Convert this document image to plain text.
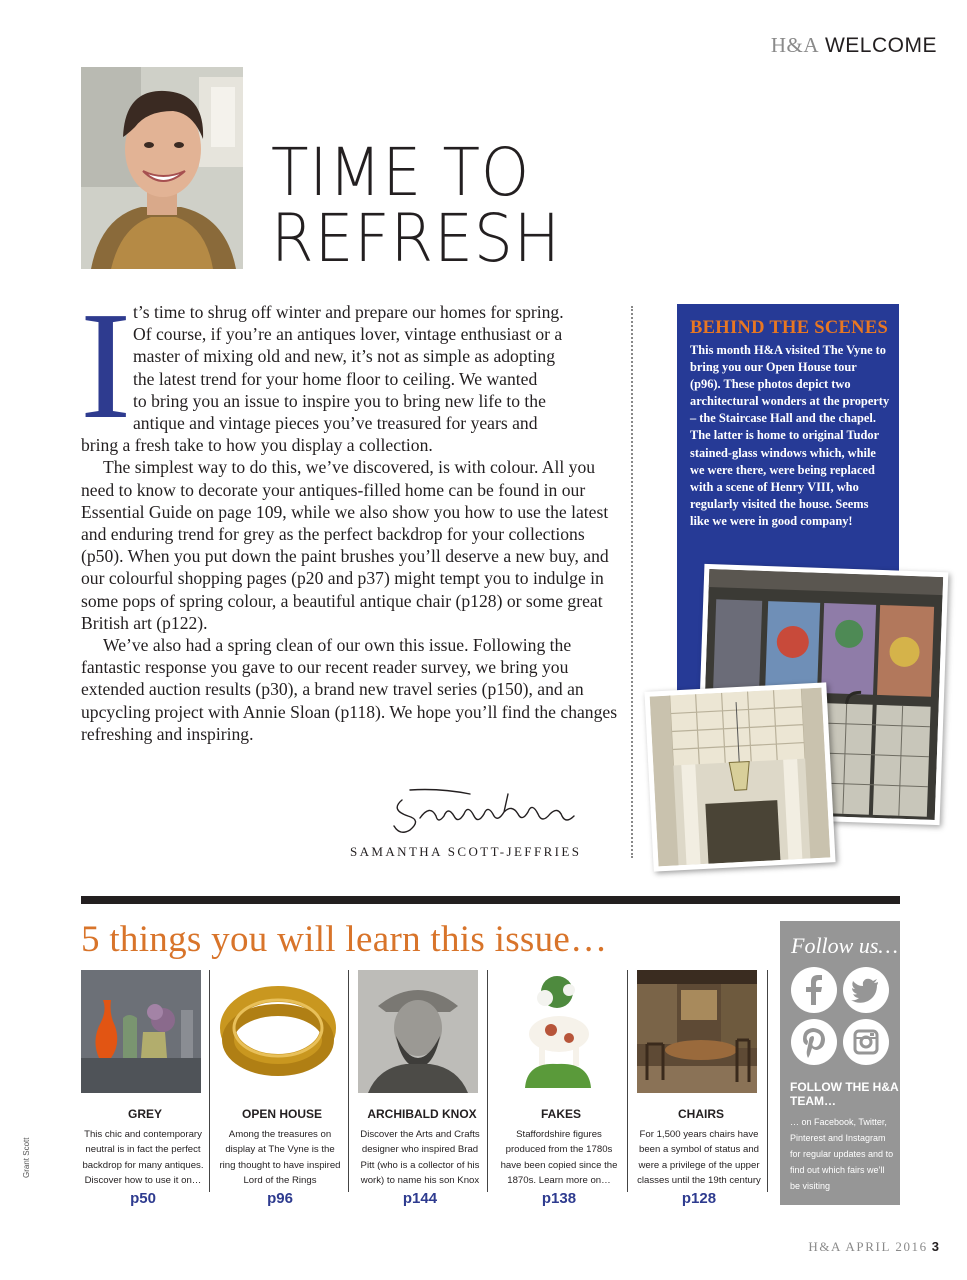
H&A WELCOME
TIME TO
REFRESH
I t’s time to shrug off winter and prepare our homes for spring.
Of course, if you’re an antiques lover, vintage enthusiast or a
master of mixing old and new, it’s not as simple as adopting
the latest trend for your home floor to ceiling. We wanted
to bring you an issue to inspire you to bring new life to the
antique and vintage pieces you’ve treasured for years and
bring a fresh take to how you display a collection.

The simplest way to do this, we’ve discovered, is with colour. All you need to know to decorate your antiques-filled home can be found in our Essential Guide on page 109, while we also show you how to use the latest and enduring trend for grey as the perfect backdrop for your collections (p50). When you put down the paint brushes you’ll deserve a new buy, and our colourful shopping pages (p20 and p37) might tempt you to indulge in some pops of spring colour, a beautiful antique chair (p128) or some great British art (p122).

We’ve also had a spring clean of our own this issue. Following the fantastic response you gave to our recent reader survey, we bring you extended auction results (p30), a brand new travel series (p150), and an upcycling project with Annie Sloan (p118). We hope you’ll find the changes refreshing and inspiring.

SAMANTHA SCOTT-JEFFRIES
BEHIND THE SCENES

This month H&A visited The Vyne to bring you our Open House tour (p96). These photos depict two architectural wonders at the property – the Staircase Hall and the chapel. The latter is home to original Tudor stained-glass windows which, while we were there, were being replaced with a scene of Henry VIII, who regularly visited the house. Seems like we were in good company!

5 things you will learn this issue…
GREY
This chic and contemporary neutral is in fact the perfect backdrop for many antiques. Discover how to use it on…
p50
OPEN HOUSE
Among the treasures on display at The Vyne is the ring thought to have inspired Lord of the Rings
p96
ARCHIBALD KNOX
Discover the Arts and Crafts designer who inspired Brad Pitt (who is a collector of his work) to name his son Knox
p144
FAKES
Staffordshire figures produced from the 1780s have been copied since the 1870s. Learn more on…
p138
CHAIRS
For 1,500 years chairs have been a symbol of status and were a privilege of the upper classes until the 19th century
p128
Follow us…
FOLLOW THE H&A TEAM…
… on Facebook, Twitter, Pinterest and Instagram for regular updates and to find out which fairs we’ll be visiting
Grant Scott
H&A APRIL 2016 3
